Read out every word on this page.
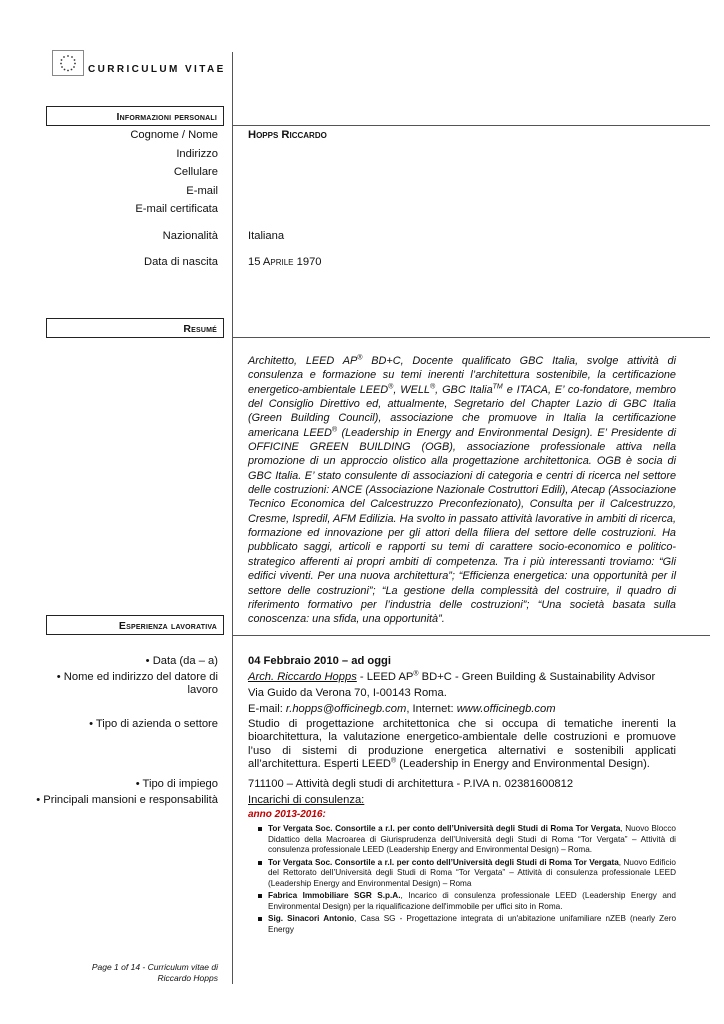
CURRICULUM VITAE
Informazioni personali
Cognome / Nome	Hopps Riccardo
Indirizzo
Cellulare
E-mail
E-mail certificata
Nazionalità	Italiana
Data di nascita	15 Aprile 1970
Resumé
Architetto, LEED AP® BD+C, Docente qualificato GBC Italia, svolge attività di consulenza e formazione su temi inerenti l’architettura sostenibile, la certificazione energetico-ambientale LEED®, WELL®, GBC Italia™ e ITACA, E’ co-fondatore, membro del Consiglio Direttivo ed, attualmente, Segretario del Chapter Lazio di GBC Italia (Green Building Council), associazione che promuove in Italia la certificazione americana LEED® (Leadership in Energy and Environmental Design). E’ Presidente di OFFICINE GREEN BUILDING (OGB), associazione professionale attiva nella promozione di un approccio olistico alla progettazione architettonica. OGB è socia di GBC Italia. E’ stato consulente di associazioni di categoria e centri di ricerca nel settore delle costruzioni: ANCE (Associazione Nazionale Costruttori Edili), Atecap (Associazione Tecnico Economica del Calcestruzzo Preconfezionato), Consulta per il Calcestruzzo, Cresme, Ispredil, AFM Edilizia. Ha svolto in passato attività lavorative in ambiti di ricerca, formazione ed innovazione per gli attori della filiera del settore delle costruzioni. Ha pubblicato saggi, articoli e rapporti su temi di carattere socio-economico e politico-strategico afferenti ai propri ambiti di competenza. Tra i più interessanti troviamo: “Gli edifici viventi. Per una nuova architettura”; “Efficienza energetica: una opportunità per il settore delle costruzioni”; “La gestione della complessità del costruire, il quadro di riferimento formativo per l’industria delle costruzioni”; “Una società basata sulla conoscenza: una sfida, una opportunità”.
Esperienza lavorativa
• Data (da – a)	04 Febbraio 2010 – ad oggi
• Nome ed indirizzo del datore di lavoro
Arch. Riccardo Hopps - LEED AP® BD+C - Green Building & Sustainability Advisor
Via Guido da Verona 70, I-00143 Roma.
E-mail: r.hopps@officinegb.com, Internet: www.officinegb.com
• Tipo di azienda o settore	Studio di progettazione architettonica che si occupa di tematiche inerenti la bioarchitettura, la valutazione energetico-ambientale delle costruzioni e promuove l’uso di sistemi di produzione energetica alternativi e sostenibili applicati all’architettura. Esperti LEED® (Leadership in Energy and Environmental Design).
• Tipo di impiego	711100 – Attività degli studi di architettura - P.IVA n. 02381600812
• Principali mansioni e responsabilità	Incarichi di consulenza:
anno 2013-2016:
Tor Vergata Soc. Consortile a r.l. per conto dell’Università degli Studi di Roma Tor Vergata, Nuovo Blocco Didattico della Macroarea di Giurisprudenza dell’Università degli Studi di Roma “Tor Vergata” – Attività di consulenza professionale LEED (Leadership Energy and Environmental Design) – Roma.
Tor Vergata Soc. Consortile a r.l. per conto dell’Università degli Studi di Roma Tor Vergata, Nuovo Edificio del Rettorato dell’Università degli Studi di Roma “Tor Vergata” – Attività di consulenza professionale LEED (Leadership Energy and Environmental Design) – Roma
Fabrica Immobiliare SGR S.p.A., Incarico di consulenza professionale LEED (Leadership Energy and Environmental Design) per la riqualificazione dell'immobile per uffici sito in Roma.
Sig. Sinacori Antonio, Casa SG - Progettazione integrata di un'abitazione unifamiliare nZEB (nearly Zero Energy
Page 1 of 14 - Curriculum vitae di
Riccardo Hopps
